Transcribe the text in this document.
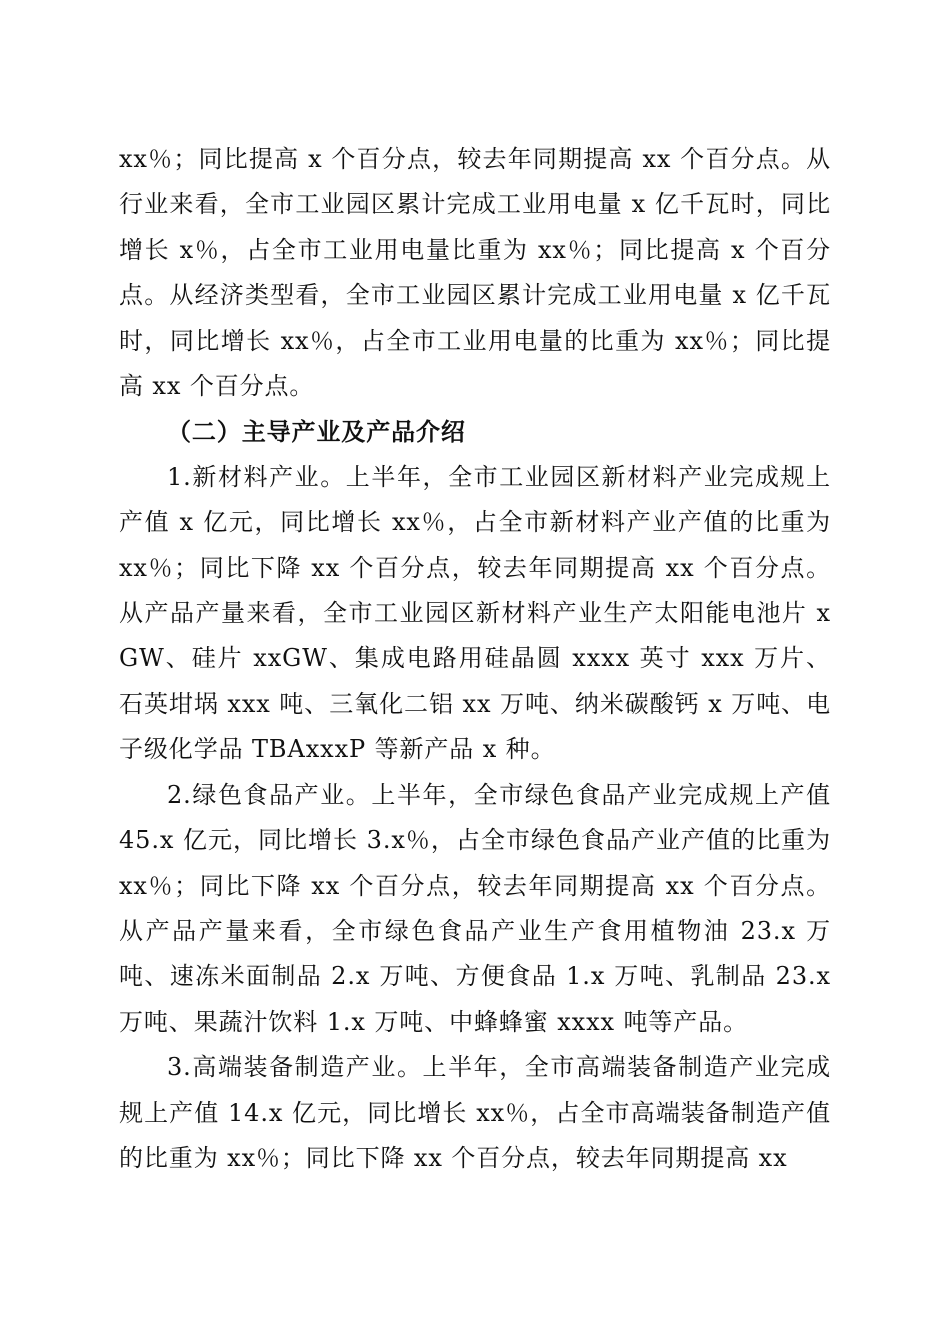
xx％；同比提高 x 个百分点，较去年同期提高 xx 个百分点。从行业来看，全市工业园区累计完成工业用电量 x 亿千瓦时，同比增长 x％，占全市工业用电量比重为 xx％；同比提高 x 个百分点。从经济类型看，全市工业园区累计完成工业用电量 x 亿千瓦时，同比增长 xx％，占全市工业用电量的比重为 xx％；同比提高 xx 个百分点。

（二）主导产业及产品介绍

1.新材料产业。上半年，全市工业园区新材料产业完成规上产值 x 亿元，同比增长 xx％，占全市新材料产业产值的比重为 xx％；同比下降 xx 个百分点，较去年同期提高 xx 个百分点。从产品产量来看，全市工业园区新材料产业生产太阳能电池片 xGW、硅片 xxGW、集成电路用硅晶圆 xxxx 英寸 xxx 万片、石英坩埚 xxx 吨、三氧化二铝 xx 万吨、纳米碳酸钙 x 万吨、电子级化学品 TBAxxxP 等新产品 x 种。

2.绿色食品产业。上半年，全市绿色食品产业完成规上产值 45.x 亿元，同比增长 3.x％，占全市绿色食品产业产值的比重为 xx％；同比下降 xx 个百分点，较去年同期提高 xx 个百分点。从产品产量来看，全市绿色食品产业生产食用植物油 23.x 万吨、速冻米面制品 2.x 万吨、方便食品 1.x 万吨、乳制品 23.x 万吨、果蔬汁饮料 1.x 万吨、中蜂蜂蜜 xxxx 吨等产品。

3.高端装备制造产业。上半年，全市高端装备制造产业完成规上产值 14.x 亿元，同比增长 xx％，占全市高端装备制造产值的比重为 xx％；同比下降 xx 个百分点，较去年同期提高 xx
